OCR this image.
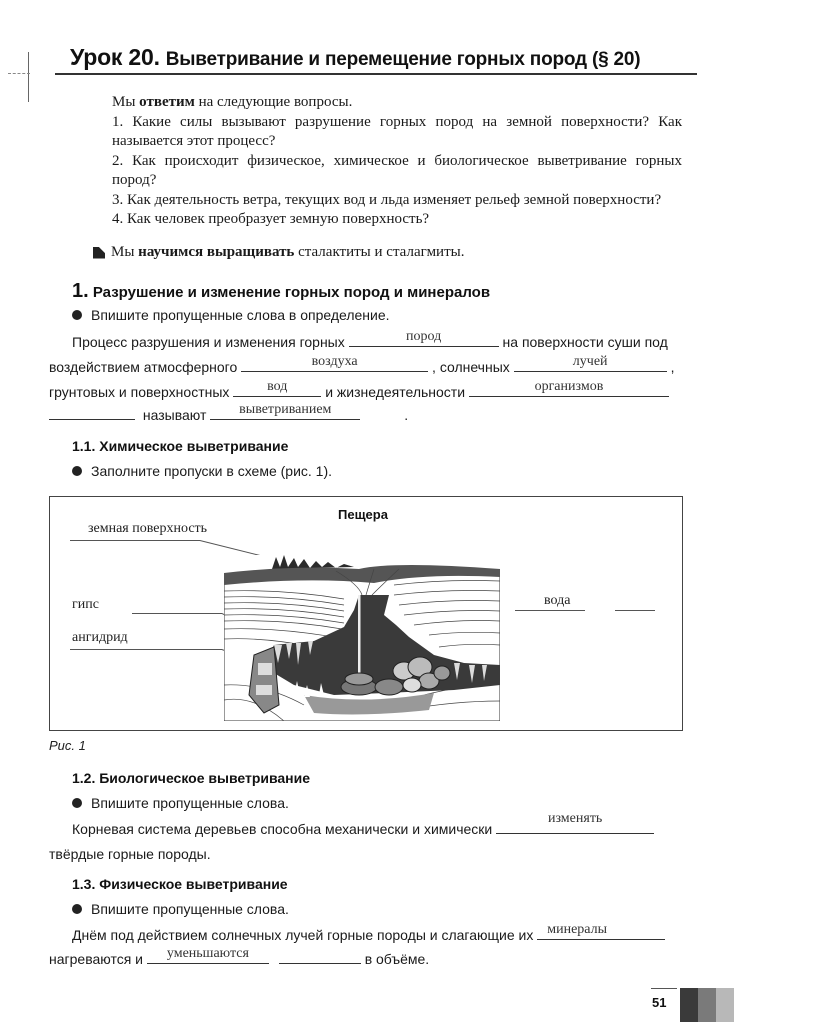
Урок 20. Выветривание и перемещение горных пород (§ 20)

Мы ответим на следующие вопросы.

1. Какие силы вызывают разрушение горных пород на земной поверхности? Как называется этот процесс?

2. Как происходит физическое, химическое и биологическое выветривание горных пород?

3. Как деятельность ветра, текущих вод и льда изменяет рельеф земной поверхности?

4. Как человек преобразует земную поверхность?

Мы научимся выращивать сталактиты и сталагмиты.
1. Разрушение и изменение горных пород и минералов
Впишите пропущенные слова в определение.
Процесс разрушения и изменения горных	пород	на поверхности суши под
воздействием атмосферного	воздуха	, солнечных	лучей	,
грунтовых и поверхностных	вод	и жизнедеятельности	организмов
называют	выветриванием	.
1.1. Химическое выветривание
Заполните пропуски в схеме (рис. 1).
Пещера
земная поверхность
гипс
ангидрид
вода
Рис. 1
1.2. Биологическое выветривание
Впишите пропущенные слова.
Корневая система деревьев способна механически и химически
изменять
твёрдые горные породы.
1.3. Физическое выветривание
Впишите пропущенные слова.
Днём под действием солнечных лучей горные породы и слагающие их минералы
нагреваются и	уменьшаются	в объёме.
51
